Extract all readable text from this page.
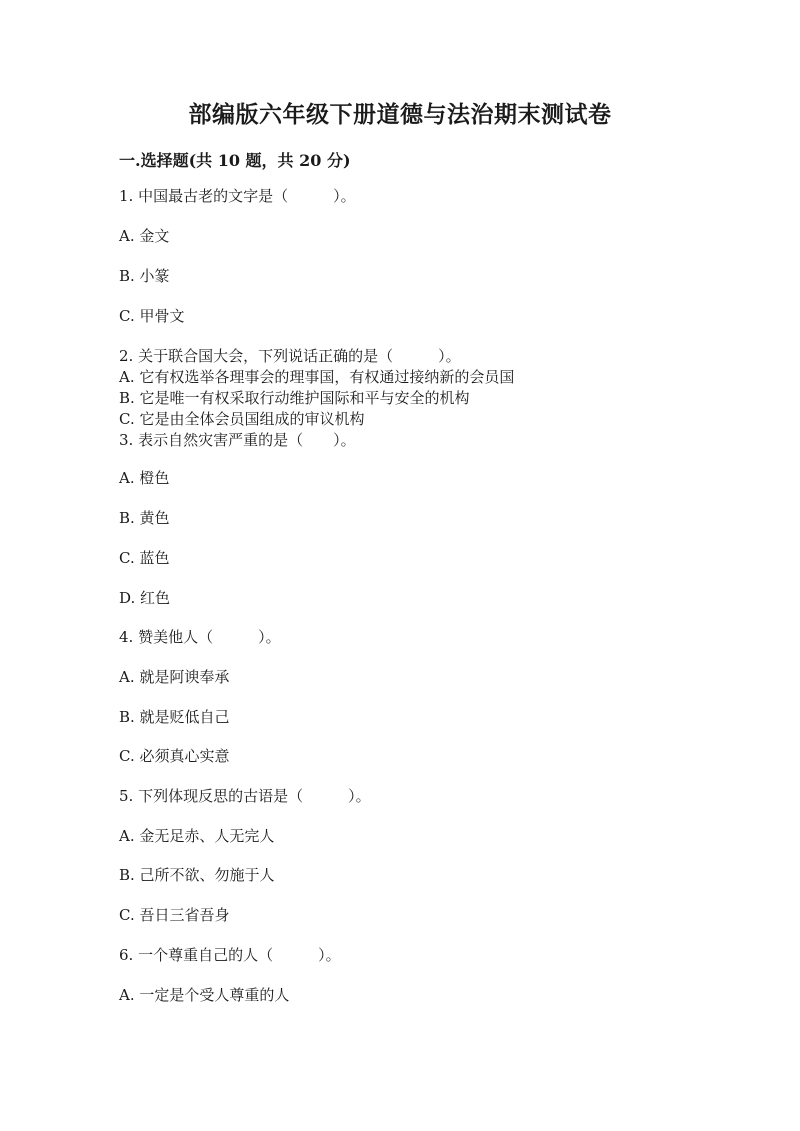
部编版六年级下册道德与法治期末测试卷
一.选择题(共 10 题，共 20 分)
1. 中国最古老的文字是（　　　）。
A. 金文
B. 小篆
C. 甲骨文
2. 关于联合国大会，下列说话正确的是（　　　）。
A. 它有权选举各理事会的理事国，有权通过接纳新的会员国
B. 它是唯一有权采取行动维护国际和平与安全的机构
C. 它是由全体会员国组成的审议机构
3. 表示自然灾害严重的是（　　）。
A. 橙色
B. 黄色
C. 蓝色
D. 红色
4. 赞美他人（　　　）。
A. 就是阿谀奉承
B. 就是贬低自己
C. 必须真心实意
5. 下列体现反思的古语是（　　　）。
A. 金无足赤、人无完人
B. 己所不欲、勿施于人
C. 吾日三省吾身
6. 一个尊重自己的人（　　　）。
A. 一定是个受人尊重的人
